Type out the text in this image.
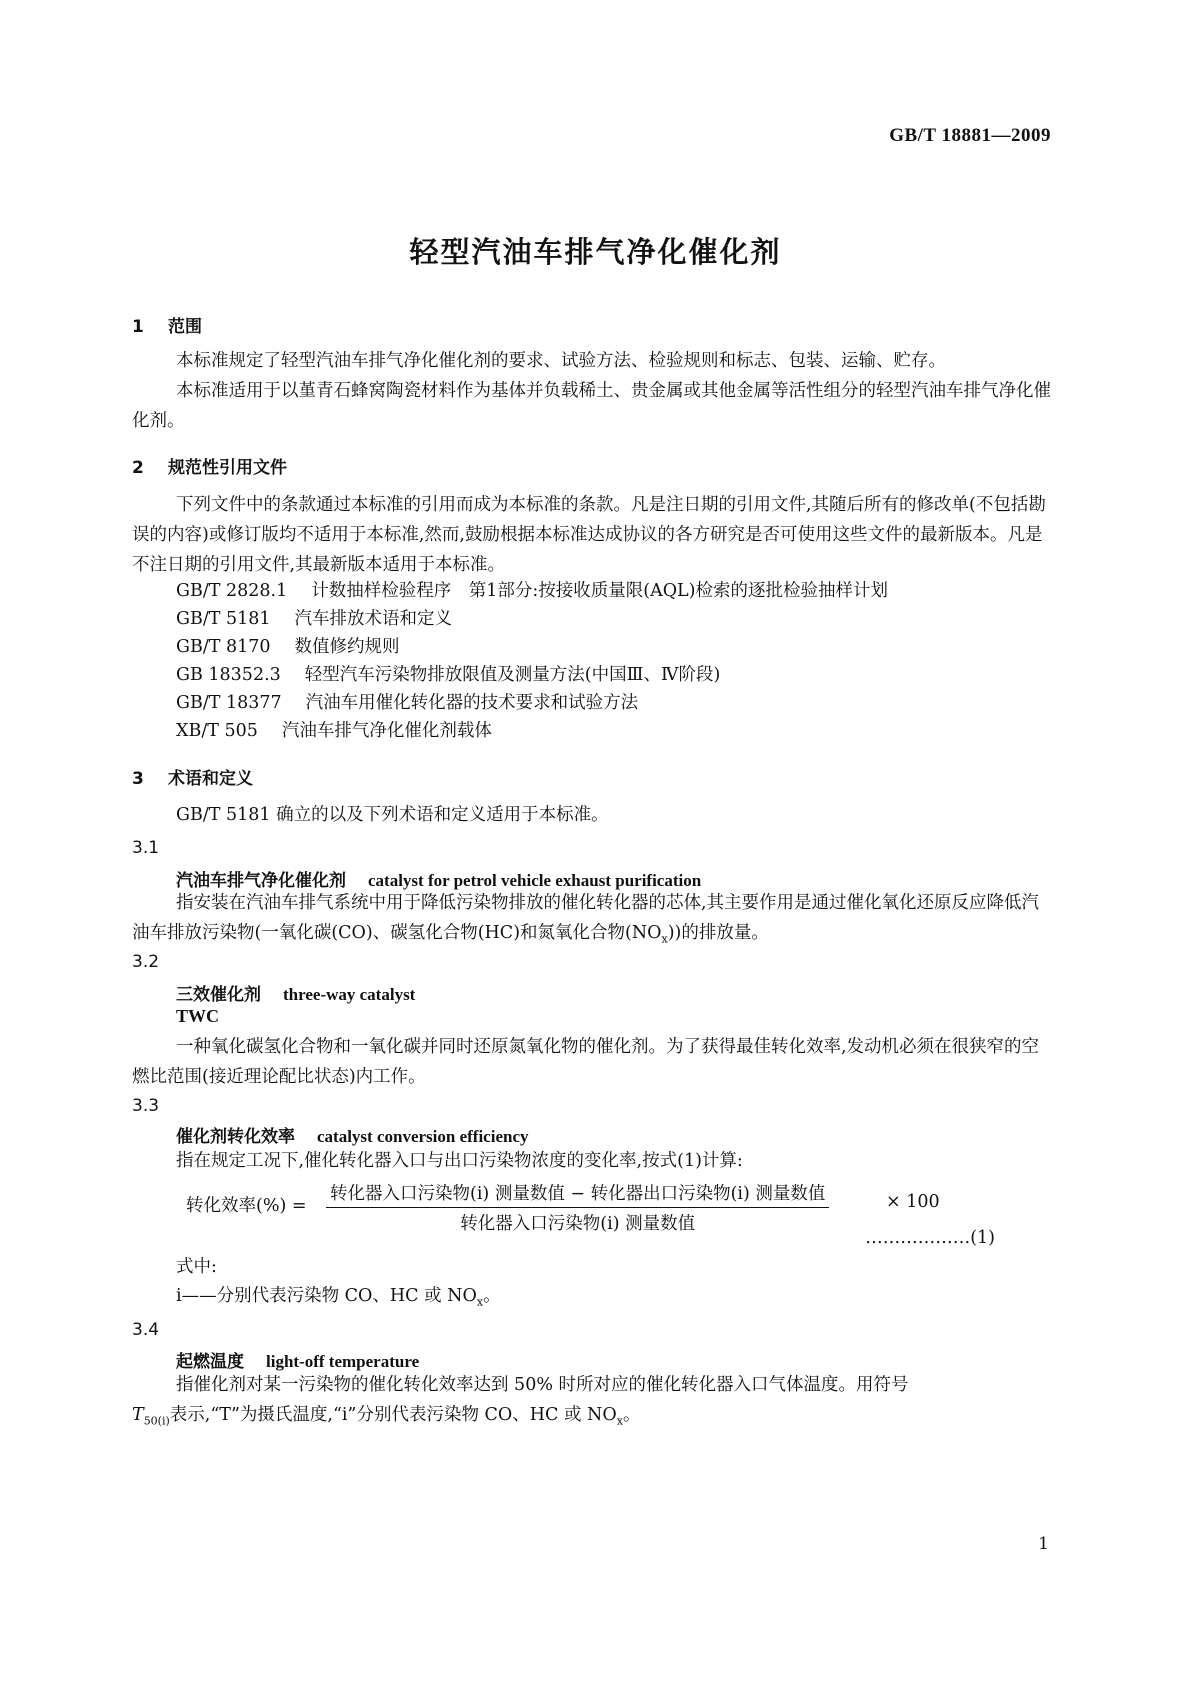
GB/T 18881—2009
轻型汽油车排气净化催化剂
1 范围
本标准规定了轻型汽油车排气净化催化剂的要求、试验方法、检验规则和标志、包装、运输、贮存。
本标准适用于以堇青石蜂窝陶瓷材料作为基体并负载稀土、贵金属或其他金属等活性组分的轻型汽油车排气净化催化剂。
2 规范性引用文件
下列文件中的条款通过本标准的引用而成为本标准的条款。凡是注日期的引用文件,其随后所有的修改单(不包括勘误的内容)或修订版均不适用于本标准,然而,鼓励根据本标准达成协议的各方研究是否可使用这些文件的最新版本。凡是不注日期的引用文件,其最新版本适用于本标准。
GB/T 2828.1 计数抽样检验程序　第1部分:按接收质量限(AQL)检索的逐批检验抽样计划
GB/T 5181 汽车排放术语和定义
GB/T 8170 数值修约规则
GB 18352.3 轻型汽车污染物排放限值及测量方法(中国Ⅲ、Ⅳ阶段)
GB/T 18377 汽油车用催化转化器的技术要求和试验方法
XB/T 505 汽油车排气净化催化剂载体
3 术语和定义
GB/T 5181 确立的以及下列术语和定义适用于本标准。
3.1
汽油车排气净化催化剂 catalyst for petrol vehicle exhaust purification
指安装在汽油车排气系统中用于降低污染物排放的催化转化器的芯体,其主要作用是通过催化氧化还原反应降低汽油车排放污染物(一氧化碳(CO)、碳氢化合物(HC)和氮氧化合物$(NO_x)$)的排放量。
3.2
三效催化剂 three-way catalyst
TWC
一种氧化碳氢化合物和一氧化碳并同时还原氮氧化物的催化剂。为了获得最佳转化效率,发动机必须在很狭窄的空燃比范围(接近理论配比状态)内工作。
3.3
催化剂转化效率 catalyst conversion efficiency
指在规定工况下,催化转化器入口与出口污染物浓度的变化率,按式(1)计算:
转化效率(%) =
转化器入口污染物(i) 测量数值 − 转化器出口污染物(i) 测量数值
转化器入口污染物(i) 测量数值
× 100
………………(1)
式中:
i——分别代表污染物 CO、HC 或 $NO_x$。
3.4
起燃温度 light-off temperature
指催化剂对某一污染物的催化转化效率达到 50% 时所对应的催化转化器入口气体温度。用符号
$T_{50(i)}$表示,“T”为摄氏温度,“i”分别代表污染物 CO、HC 或 $NO_x$。
1
